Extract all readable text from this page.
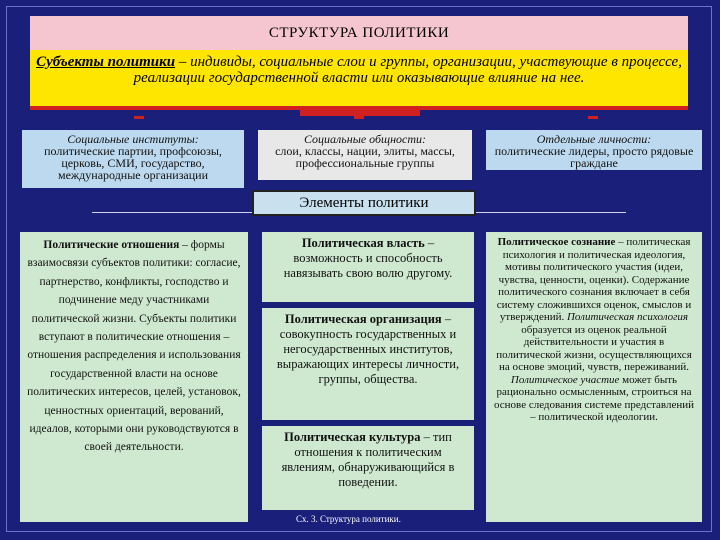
СТРУКТУРА ПОЛИТИКИ
Субъекты политики – индивиды, социальные слои и группы, организации, участвующие в процессе, реализации государственной власти или оказывающие влияние на нее.
Социальные институты:
политические партии, профсоюзы, церковь, СМИ, государство, международные организации
Социальные общности:
слои, классы, нации, элиты, массы, профессиональные группы
Отдельные личности:
политические лидеры, просто рядовые граждане
Элементы политики
Политические отношения – формы взаимосвязи субъектов политики: согласие, партнерство, конфликты, господство и подчинение меду участниками политической жизни. Субъекты политики вступают в политические отношения – отношения распределения и использования государственной власти на основе политических интересов, целей, установок, ценностных ориентаций, верований, идеалов, которыми они руководствуются в своей деятельности.
Политическая власть – возможность и способность навязывать свою волю другому.
Политическая организация – совокупность государственных и негосударственных институтов, выражающих интересы личности, группы, общества.
Политическая культура – тип отношения к политическим явлениям, обнаруживающийся в поведении.
Политическое сознание – политическая психология и политическая идеология, мотивы политического участия (идеи, чувства, ценности, оценки). Содержание политического сознания включает в себя систему сложившихся оценок, смыслов и утверждений. Политическая психология образуется из оценок реальной действительности и участия в политической жизни, осуществляющихся на основе эмоций, чувств, переживаний. Политическое участие может быть рационально осмысленным, строиться на основе следования системе представлений – политической идеологии.
Сх. 3. Структура политики.
